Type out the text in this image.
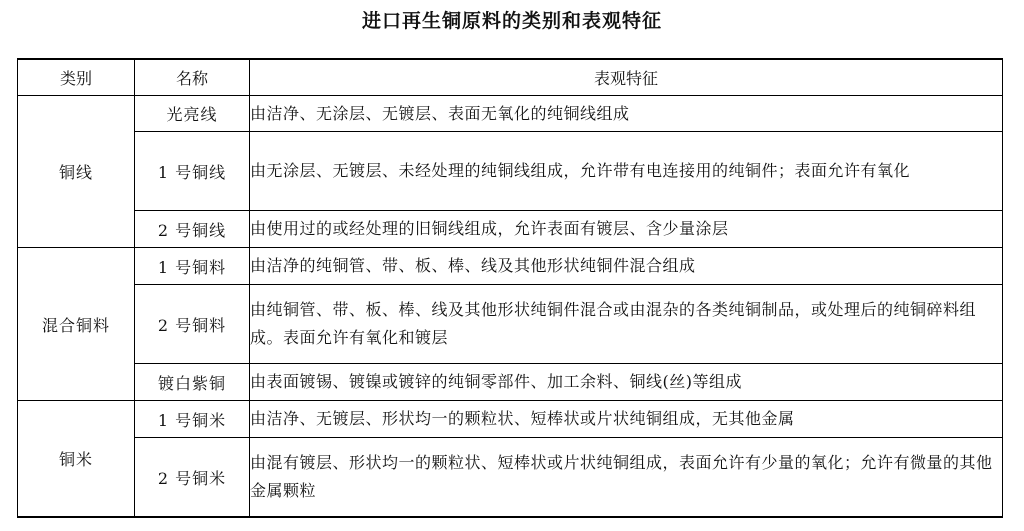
进口再生铜原料的类别和表观特征
类别	名称	表观特征
铜线	光亮线	由洁净、无涂层、无镀层、表面无氧化的纯铜线组成
	1 号铜线	由无涂层、无镀层、未经处理的纯铜线组成，允许带有电连接用的纯铜件；表面允许有氧化
	2 号铜线	由使用过的或经处理的旧铜线组成，允许表面有镀层、含少量涂层
混合铜料	1 号铜料	由洁净的纯铜管、带、板、棒、线及其他形状纯铜件混合组成
	2 号铜料	由纯铜管、带、板、棒、线及其他形状纯铜件混合或由混杂的各类纯铜制品，或处理后的纯铜碎料组成。表面允许有氧化和镀层
	镀白紫铜	由表面镀锡、镀镍或镀锌的纯铜零部件、加工余料、铜线(丝)等组成
铜米	1 号铜米	由洁净、无镀层、形状均一的颗粒状、短棒状或片状纯铜组成，无其他金属
	2 号铜米	由混有镀层、形状均一的颗粒状、短棒状或片状纯铜组成，表面允许有少量的氧化；允许有微量的其他金属颗粒
